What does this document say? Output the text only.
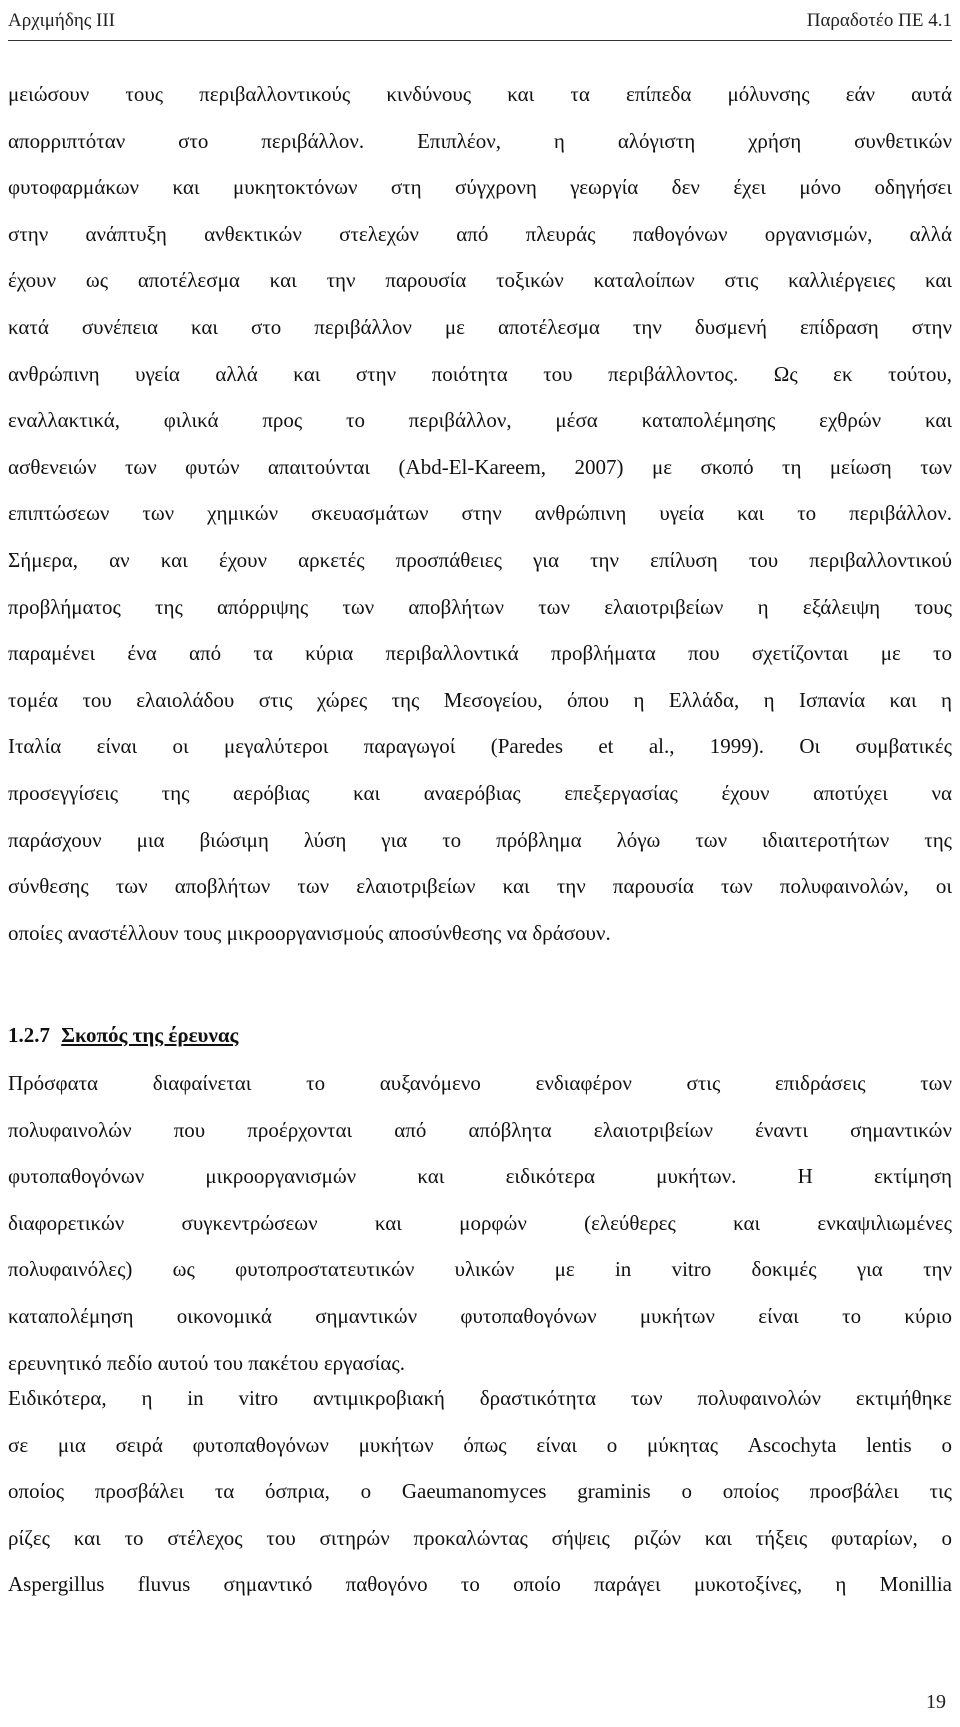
Αρχιμήδης ΙΙΙ	Παραδοτέο ΠΕ 4.1
μειώσουν τους περιβαλλοντικούς κινδύνους και τα επίπεδα μόλυνσης εάν αυτά
απορριπτόταν στο περιβάλλον. Επιπλέον, η αλόγιστη χρήση συνθετικών
φυτοφαρμάκων και μυκητοκτόνων στη σύγχρονη γεωργία δεν έχει μόνο οδηγήσει
στην ανάπτυξη ανθεκτικών στελεχών από πλευράς παθογόνων οργανισμών, αλλά
έχουν ως αποτέλεσμα και την παρουσία τοξικών καταλοίπων στις καλλιέργειες και
κατά συνέπεια και στο περιβάλλον με αποτέλεσμα την δυσμενή επίδραση στην
ανθρώπινη υγεία αλλά και στην ποιότητα του περιβάλλοντος. Ως εκ τούτου,
εναλλακτικά, φιλικά προς το περιβάλλον, μέσα καταπολέμησης εχθρών και
ασθενειών των φυτών απαιτούνται (Abd-El-Kareem, 2007) με σκοπό τη μείωση των
επιπτώσεων των χημικών σκευασμάτων στην ανθρώπινη υγεία και το περιβάλλον.
Σήμερα, αν και έχουν αρκετές προσπάθειες για την επίλυση του περιβαλλοντικού
προβλήματος της απόρριψης των αποβλήτων των ελαιοτριβείων η εξάλειψη τους
παραμένει ένα από τα κύρια περιβαλλοντικά προβλήματα που σχετίζονται με το
τομέα του ελαιολάδου στις χώρες της Μεσογείου, όπου η Ελλάδα, η Ισπανία και η
Ιταλία είναι οι μεγαλύτεροι παραγωγοί (Paredes et al., 1999). Οι συμβατικές
προσεγγίσεις της αερόβιας και αναερόβιας επεξεργασίας έχουν αποτύχει να
παράσχουν μια βιώσιμη λύση για το πρόβλημα λόγω των ιδιαιτεροτήτων της
σύνθεσης των αποβλήτων των ελαιοτριβείων και την παρουσία των πολυφαινολών, οι
οποίες αναστέλλουν τους μικροοργανισμούς αποσύνθεσης να δράσουν.
1.2.7 Σκοπός της έρευνας
Πρόσφατα διαφαίνεται το αυξανόμενο ενδιαφέρον στις επιδράσεις των
πολυφαινολών που προέρχονται από απόβλητα ελαιοτριβείων έναντι σημαντικών
φυτοπαθογόνων μικροοργανισμών και ειδικότερα μυκήτων. Η εκτίμηση
διαφορετικών συγκεντρώσεων και μορφών (ελεύθερες και ενκαψιλιωμένες
πολυφαινόλες) ως φυτοπροστατευτικών υλικών με in vitro δοκιμές για την
καταπολέμηση οικονομικά σημαντικών φυτοπαθογόνων μυκήτων είναι το κύριο
ερευνητικό πεδίο αυτού του πακέτου εργασίας.
Ειδικότερα, η in vitro αντιμικροβιακή δραστικότητα των πολυφαινολών εκτιμήθηκε
σε μια σειρά φυτοπαθογόνων μυκήτων όπως είναι ο μύκητας Ascochyta lentis ο
οποίος προσβάλει τα όσπρια, ο Gaeumanomyces graminis ο οποίος προσβάλει τις
ρίζες και το στέλεχος του σιτηρών προκαλώντας σήψεις ριζών και τήξεις φυταρίων, ο
Aspergillus fluvus σημαντικό παθογόνο το οποίο παράγει μυκοτοξίνες, η Monillia
19
